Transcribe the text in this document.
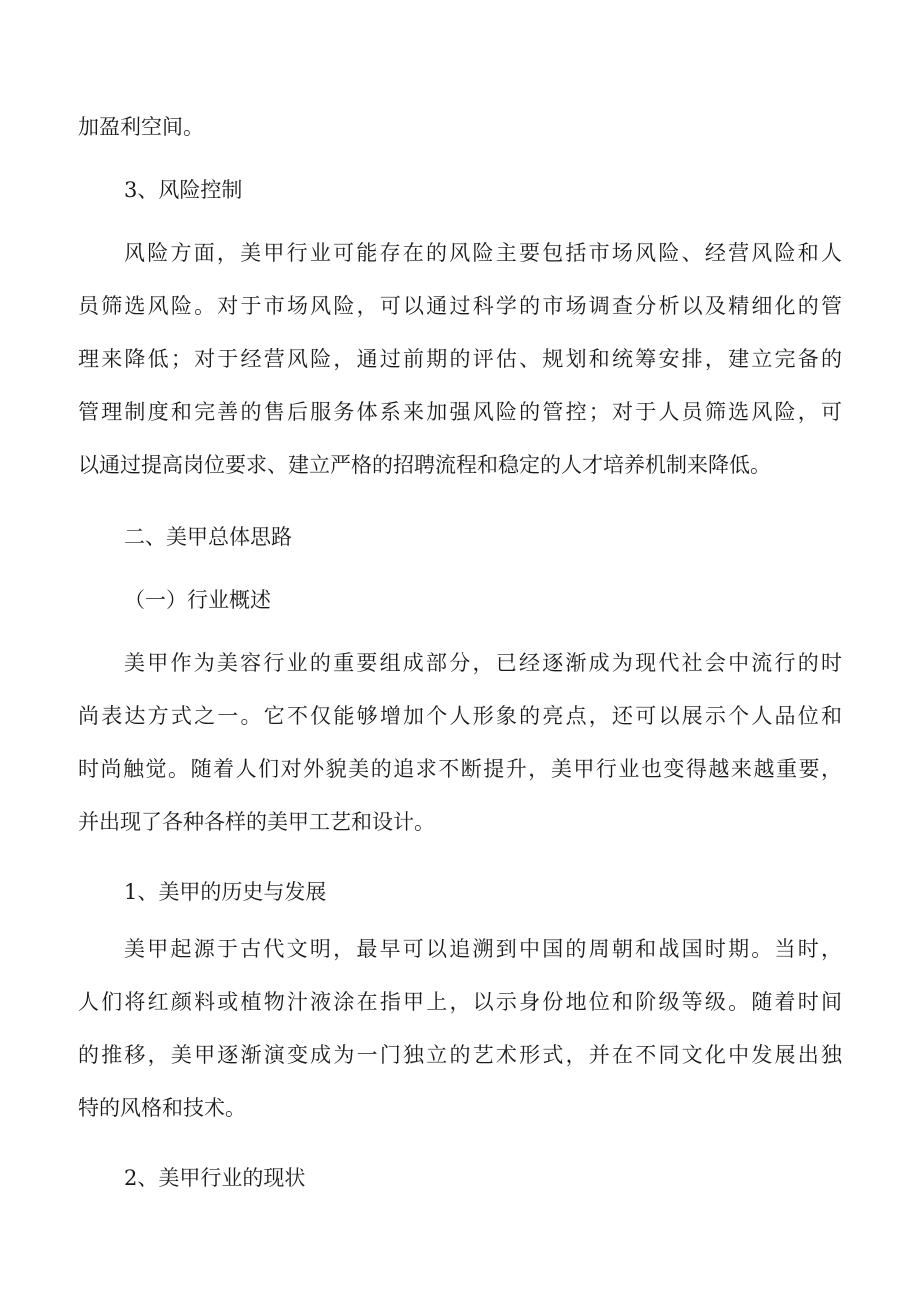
加盈利空间。
3、风险控制
风险方面，美甲行业可能存在的风险主要包括市场风险、经营风险和人
员筛选风险。对于市场风险，可以通过科学的市场调查分析以及精细化的管
理来降低；对于经营风险，通过前期的评估、规划和统筹安排，建立完备的
管理制度和完善的售后服务体系来加强风险的管控；对于人员筛选风险，可
以通过提高岗位要求、建立严格的招聘流程和稳定的人才培养机制来降低。
二、美甲总体思路
（一）行业概述
美甲作为美容行业的重要组成部分，已经逐渐成为现代社会中流行的时
尚表达方式之一。它不仅能够增加个人形象的亮点，还可以展示个人品位和
时尚触觉。随着人们对外貌美的追求不断提升，美甲行业也变得越来越重要，
并出现了各种各样的美甲工艺和设计。
1、美甲的历史与发展
美甲起源于古代文明，最早可以追溯到中国的周朝和战国时期。当时，
人们将红颜料或植物汁液涂在指甲上，以示身份地位和阶级等级。随着时间
的推移，美甲逐渐演变成为一门独立的艺术形式，并在不同文化中发展出独
特的风格和技术。
2、美甲行业的现状
